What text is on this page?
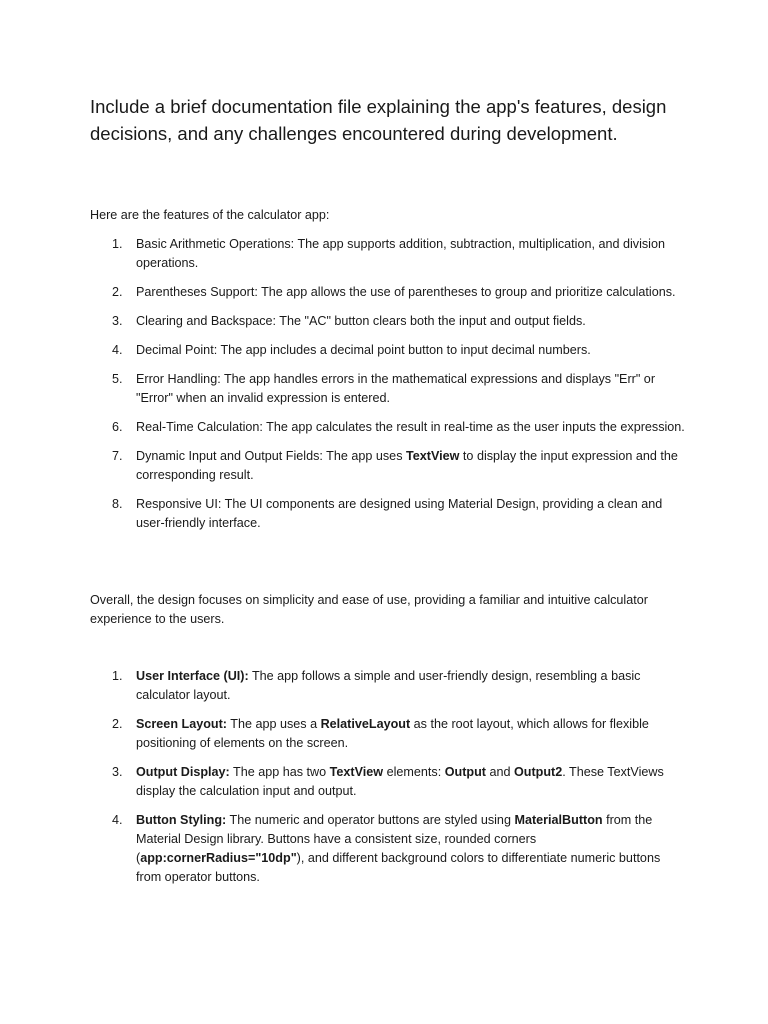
Include a brief documentation file explaining the app's features, design decisions, and any challenges encountered during development.

Here are the features of the calculator app:

1. Basic Arithmetic Operations: The app supports addition, subtraction, multiplication, and division operations.
2. Parentheses Support: The app allows the use of parentheses to group and prioritize calculations.
3. Clearing and Backspace: The "AC" button clears both the input and output fields.
4. Decimal Point: The app includes a decimal point button to input decimal numbers.
5. Error Handling: The app handles errors in the mathematical expressions and displays "Err" or "Error" when an invalid expression is entered.
6. Real-Time Calculation: The app calculates the result in real-time as the user inputs the expression.
7. Dynamic Input and Output Fields: The app uses TextView to display the input expression and the corresponding result.
8. Responsive UI: The UI components are designed using Material Design, providing a clean and user-friendly interface.

Overall, the design focuses on simplicity and ease of use, providing a familiar and intuitive calculator experience to the users.

1. User Interface (UI): The app follows a simple and user-friendly design, resembling a basic calculator layout.
2. Screen Layout: The app uses a RelativeLayout as the root layout, which allows for flexible positioning of elements on the screen.
3. Output Display: The app has two TextView elements: Output and Output2. These TextViews display the calculation input and output.
4. Button Styling: The numeric and operator buttons are styled using MaterialButton from the Material Design library. Buttons have a consistent size, rounded corners (app:cornerRadius="10dp"), and different background colors to differentiate numeric buttons from operator buttons.
